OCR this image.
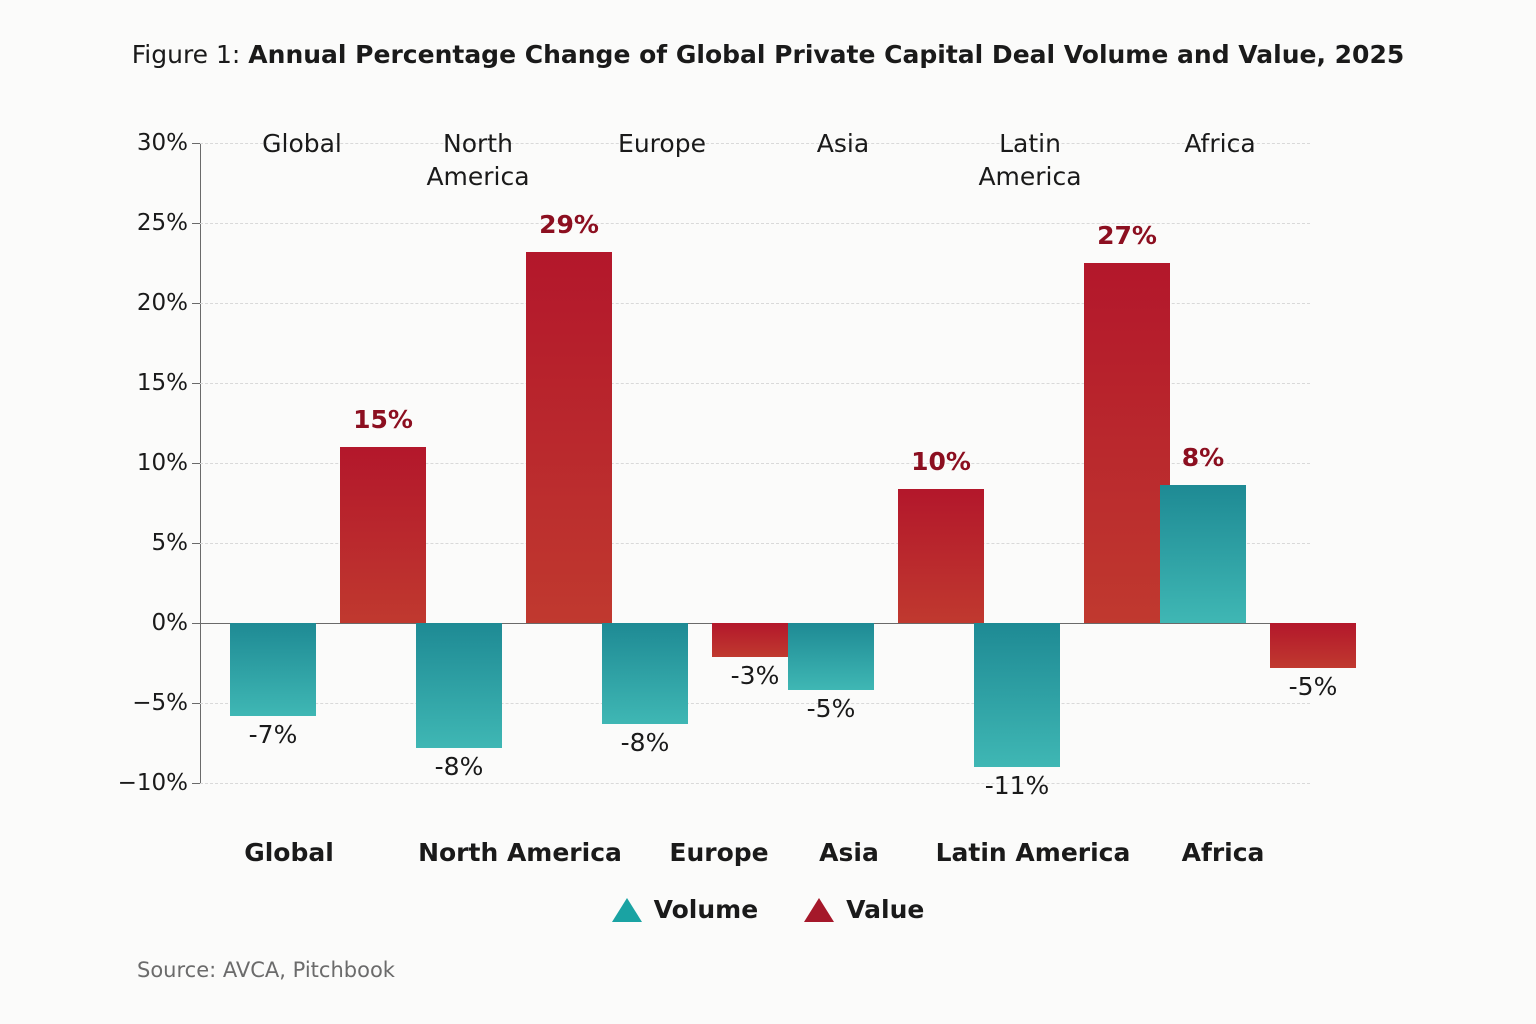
Figure 1: Annual Percentage Change of Global Private Capital Deal Volume and Value, 2025
30%
25%
20%
15%
10%
5%
0%
−5%
−10%
-7%
15%
-8%
29%
-8%
-3%
-5%
10%
-11%
27%
8%
-5%
Global	North
America
Europe	Asia	Latin
America
Africa
Global	North America	Europe	Asia	Latin America	Africa
Volume	Value
Source: AVCA, Pitchbook
